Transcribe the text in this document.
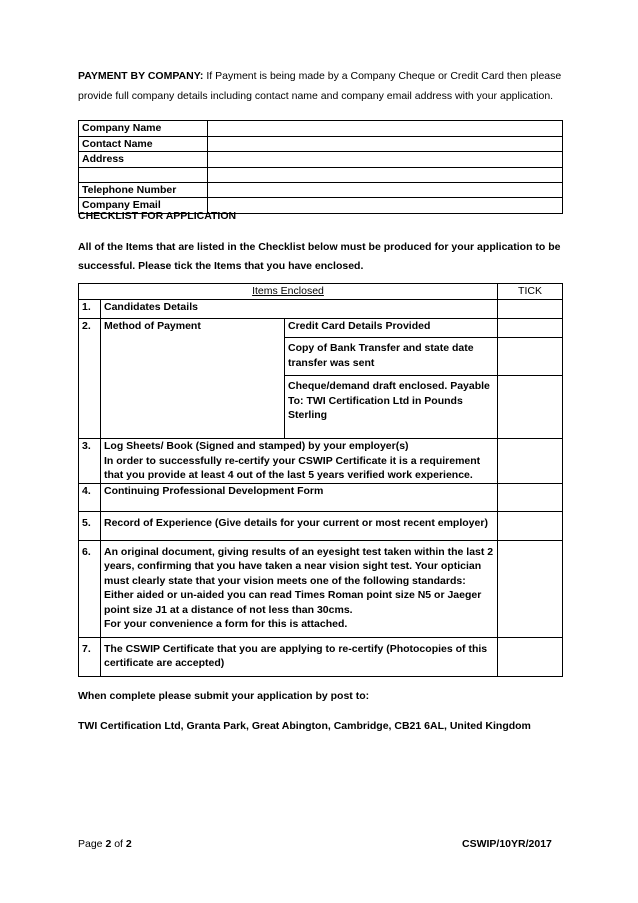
PAYMENT BY COMPANY: If Payment is being made by a Company Cheque or Credit Card then please provide full company details including contact name and company email address with your application.
Company Name	
Contact Name	
Address	

Telephone Number	
Company Email	
CHECKLIST FOR APPLICATION
All of the Items that are listed in the Checklist below must be produced for your application to be successful. Please tick the Items that you have enclosed.
Items Enclosed			TICK
1.	Candidates Details		
2.	Method of Payment	Credit Card Details Provided	
		Copy of Bank Transfer and state date transfer was sent	
		Cheque/demand draft enclosed. Payable To: TWI Certification Ltd in Pounds Sterling	
3.	Log Sheets/ Book (Signed and stamped) by your employer(s)
In order to successfully re-certify your CSWIP Certificate it is a requirement that you provide at least 4 out of the last 5 years verified work experience.		
4.	Continuing Professional Development Form		
5.	Record of Experience (Give details for your current or most recent employer)		
6.	An original document, giving results of an eyesight test taken within the last 2 years, confirming that you have taken a near vision sight test. Your optician must clearly state that your vision meets one of the following standards:
Either aided or un-aided you can read Times Roman point size N5 or Jaeger point size J1 at a distance of not less than 30cms.
For your convenience a form for this is attached.		
7.	The CSWIP Certificate that you are applying to re-certify (Photocopies of this certificate are accepted)		
When complete please submit your application by post to:
TWI Certification Ltd, Granta Park, Great Abington, Cambridge, CB21 6AL, United Kingdom
Page 2 of 2	CSWIP/10YR/2017
